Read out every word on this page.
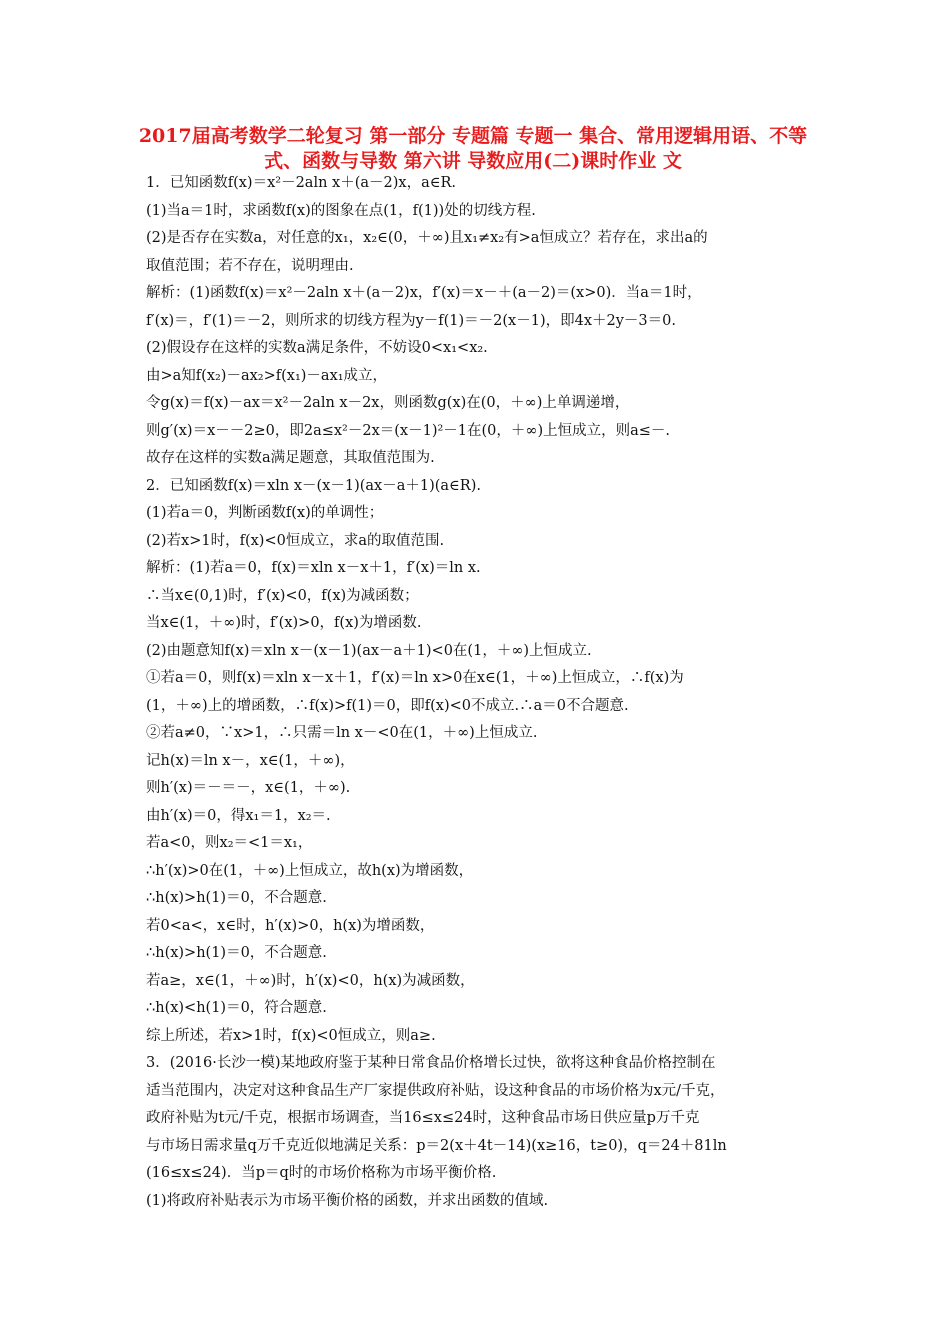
2017届高考数学二轮复习 第一部分 专题篇 专题一 集合、常用逻辑用语、不等式、函数与导数 第六讲 导数应用(二)课时作业 文
1．已知函数f(x)＝x²－2aln x＋(a－2)x，a∈R.
(1)当a＝1时，求函数f(x)的图象在点(1，f(1))处的切线方程.
(2)是否存在实数a，对任意的x₁，x₂∈(0，＋∞)且x₁≠x₂有>a恒成立？若存在，求出a的
取值范围；若不存在，说明理由.
解析：(1)函数f(x)＝x²－2aln x＋(a－2)x，f′(x)＝x－＋(a－2)＝(x>0)．当a＝1时，
f′(x)＝，f′(1)＝－2，则所求的切线方程为y－f(1)＝－2(x－1)，即4x＋2y－3＝0.
(2)假设存在这样的实数a满足条件，不妨设0<x₁<x₂.
由>a知f(x₂)－ax₂>f(x₁)－ax₁成立，
令g(x)＝f(x)－ax＝x²－2aln x－2x，则函数g(x)在(0，＋∞)上单调递增，
则g′(x)＝x－－2≥0，即2a≤x²－2x＝(x－1)²－1在(0，＋∞)上恒成立，则a≤－.
故存在这样的实数a满足题意，其取值范围为.
2．已知函数f(x)＝xln x－(x－1)(ax－a＋1)(a∈R).
(1)若a＝0，判断函数f(x)的单调性；
(2)若x>1时，f(x)<0恒成立，求a的取值范围.
解析：(1)若a＝0，f(x)＝xln x－x＋1，f′(x)＝ln x.
∴当x∈(0,1)时，f′(x)<0，f(x)为减函数；
当x∈(1，＋∞)时，f′(x)>0，f(x)为增函数.
(2)由题意知f(x)＝xln x－(x－1)(ax－a＋1)<0在(1，＋∞)上恒成立.
①若a＝0，则f(x)＝xln x－x＋1，f′(x)＝ln x>0在x∈(1，＋∞)上恒成立，∴f(x)为
(1，＋∞)上的增函数，∴f(x)>f(1)＝0，即f(x)<0不成立.∴a＝0不合题意.
②若a≠0，∵x>1，∴只需＝ln x－<0在(1，＋∞)上恒成立.
记h(x)＝ln x－，x∈(1，＋∞)，
则h′(x)＝－＝－，x∈(1，＋∞).
由h′(x)＝0，得x₁＝1，x₂＝.
若a<0，则x₂＝<1＝x₁，
∴h′(x)>0在(1，＋∞)上恒成立，故h(x)为增函数，
∴h(x)>h(1)＝0，不合题意.
若0<a<，x∈时，h′(x)>0，h(x)为增函数，
∴h(x)>h(1)＝0，不合题意.
若a≥，x∈(1，＋∞)时，h′(x)<0，h(x)为减函数，
∴h(x)<h(1)＝0，符合题意.
综上所述，若x>1时，f(x)<0恒成立，则a≥.
3．(2016·长沙一模)某地政府鉴于某种日常食品价格增长过快，欲将这种食品价格控制在
适当范围内，决定对这种食品生产厂家提供政府补贴，设这种食品的市场价格为x元/千克，
政府补贴为t元/千克，根据市场调查，当16≤x≤24时，这种食品市场日供应量p万千克
与市场日需求量q万千克近似地满足关系：p＝2(x＋4t－14)(x≥16，t≥0)，q＝24＋81ln
(16≤x≤24)．当p＝q时的市场价格称为市场平衡价格.
(1)将政府补贴表示为市场平衡价格的函数，并求出函数的值域.
